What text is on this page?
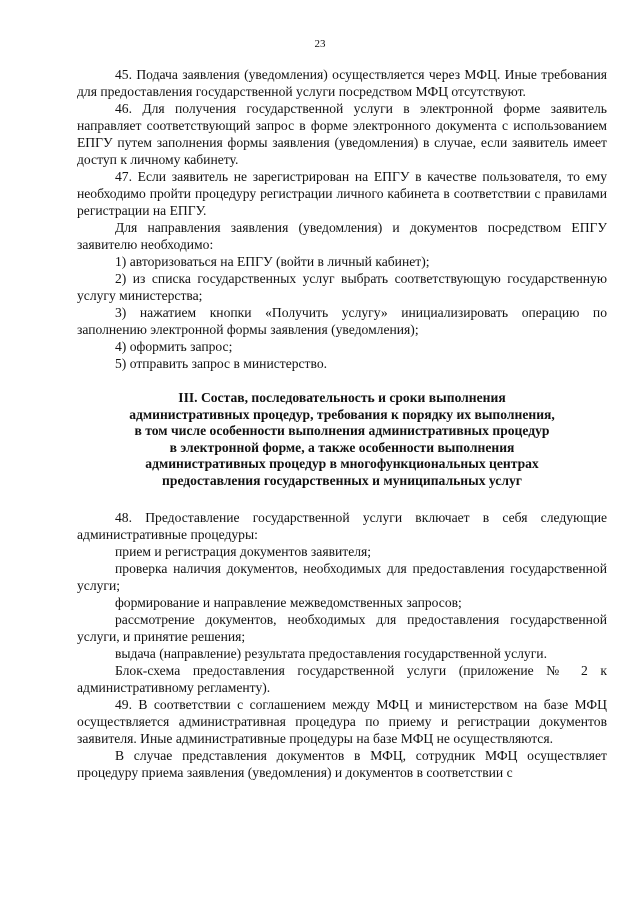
23

45. Подача заявления (уведомления) осуществляется через МФЦ. Иные требования для предоставления государственной услуги посредством МФЦ отсутствуют.

46. Для получения государственной услуги в электронной форме заявитель направляет соответствующий запрос в форме электронного документа с использованием ЕПГУ путем заполнения формы заявления (уведомления) в случае, если заявитель имеет доступ к личному кабинету.

47. Если заявитель не зарегистрирован на ЕПГУ в качестве пользователя, то ему необходимо пройти процедуру регистрации личного кабинета в соответствии с правилами регистрации на ЕПГУ.

Для направления заявления (уведомления) и документов посредством ЕПГУ заявителю необходимо:

1) авторизоваться на ЕПГУ (войти в личный кабинет);

2) из списка государственных услуг выбрать соответствующую государственную услугу министерства;

3) нажатием кнопки «Получить услугу» инициализировать операцию по заполнению электронной формы заявления (уведомления);

4) оформить запрос;

5) отправить запрос в министерство.

III. Состав, последовательность и сроки выполнения
административных процедур, требования к порядку их выполнения,
в том числе особенности выполнения административных процедур
в электронной форме, а также особенности выполнения
административных процедур в многофункциональных центрах
предоставления государственных и муниципальных услуг

48. Предоставление государственной услуги включает в себя следующие административные процедуры:

прием и регистрация документов заявителя;

проверка наличия документов, необходимых для предоставления государственной услуги;

формирование и направление межведомственных запросов;

рассмотрение документов, необходимых для предоставления государственной услуги, и принятие решения;

выдача (направление) результата предоставления государственной услуги.

Блок-схема предоставления государственной услуги (приложение № 2 к административному регламенту).

49. В соответствии с соглашением между МФЦ и министерством на базе МФЦ осуществляется административная процедура по приему и регистрации документов заявителя. Иные административные процедуры на базе МФЦ не осуществляются.

В случае представления документов в МФЦ, сотрудник МФЦ осуществляет процедуру приема заявления (уведомления) и документов в соответствии с
